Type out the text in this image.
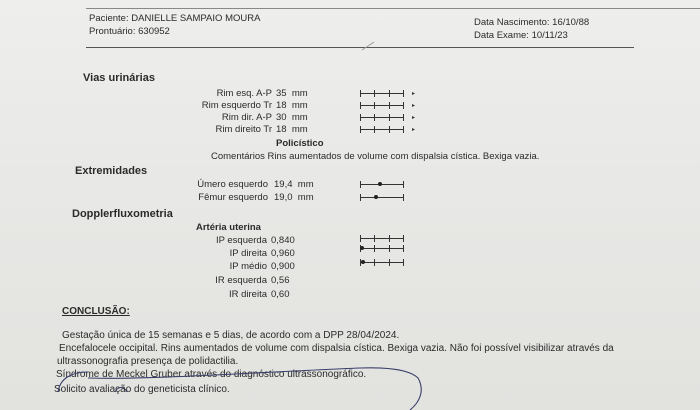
Paciente: DANIELLE SAMPAIO MOURA
Prontuário: 630952
Data Nascimento: 16/10/88
Data Exame: 10/11/23
Vias urinárias
Rim esq. A-P 35 mm
Rim esquerdo Tr 18 mm
Rim dir. A-P 30 mm
Rim direito Tr 18 mm
▸
▸
▸
▸
Policístico
Comentários Rins aumentados de volume com dispalsia cística. Bexiga vazia.
Extremidades
Úmero esquerdo 19,4 mm
Fêmur esquerdo 19,0 mm
Dopplerfluxometria
Artéria uterina
IP esquerda 0,840
IP direita 0,960
IP médio 0,900
IR esquerda 0,56
IR direita 0,60
CONCLUSÃO:
Gestação única de 15 semanas e 5 dias, de acordo com a DPP 28/04/2024.
Encefalocele occipital. Rins aumentados de volume com dispalsia cística. Bexiga vazia. Não foi possível visibilizar através da
ultrassonografia presença de polidactilia.
Síndrome de Meckel Gruber através do diagnóstico ultrassonográfico.
Solicito avaliação do geneticista clínico.
